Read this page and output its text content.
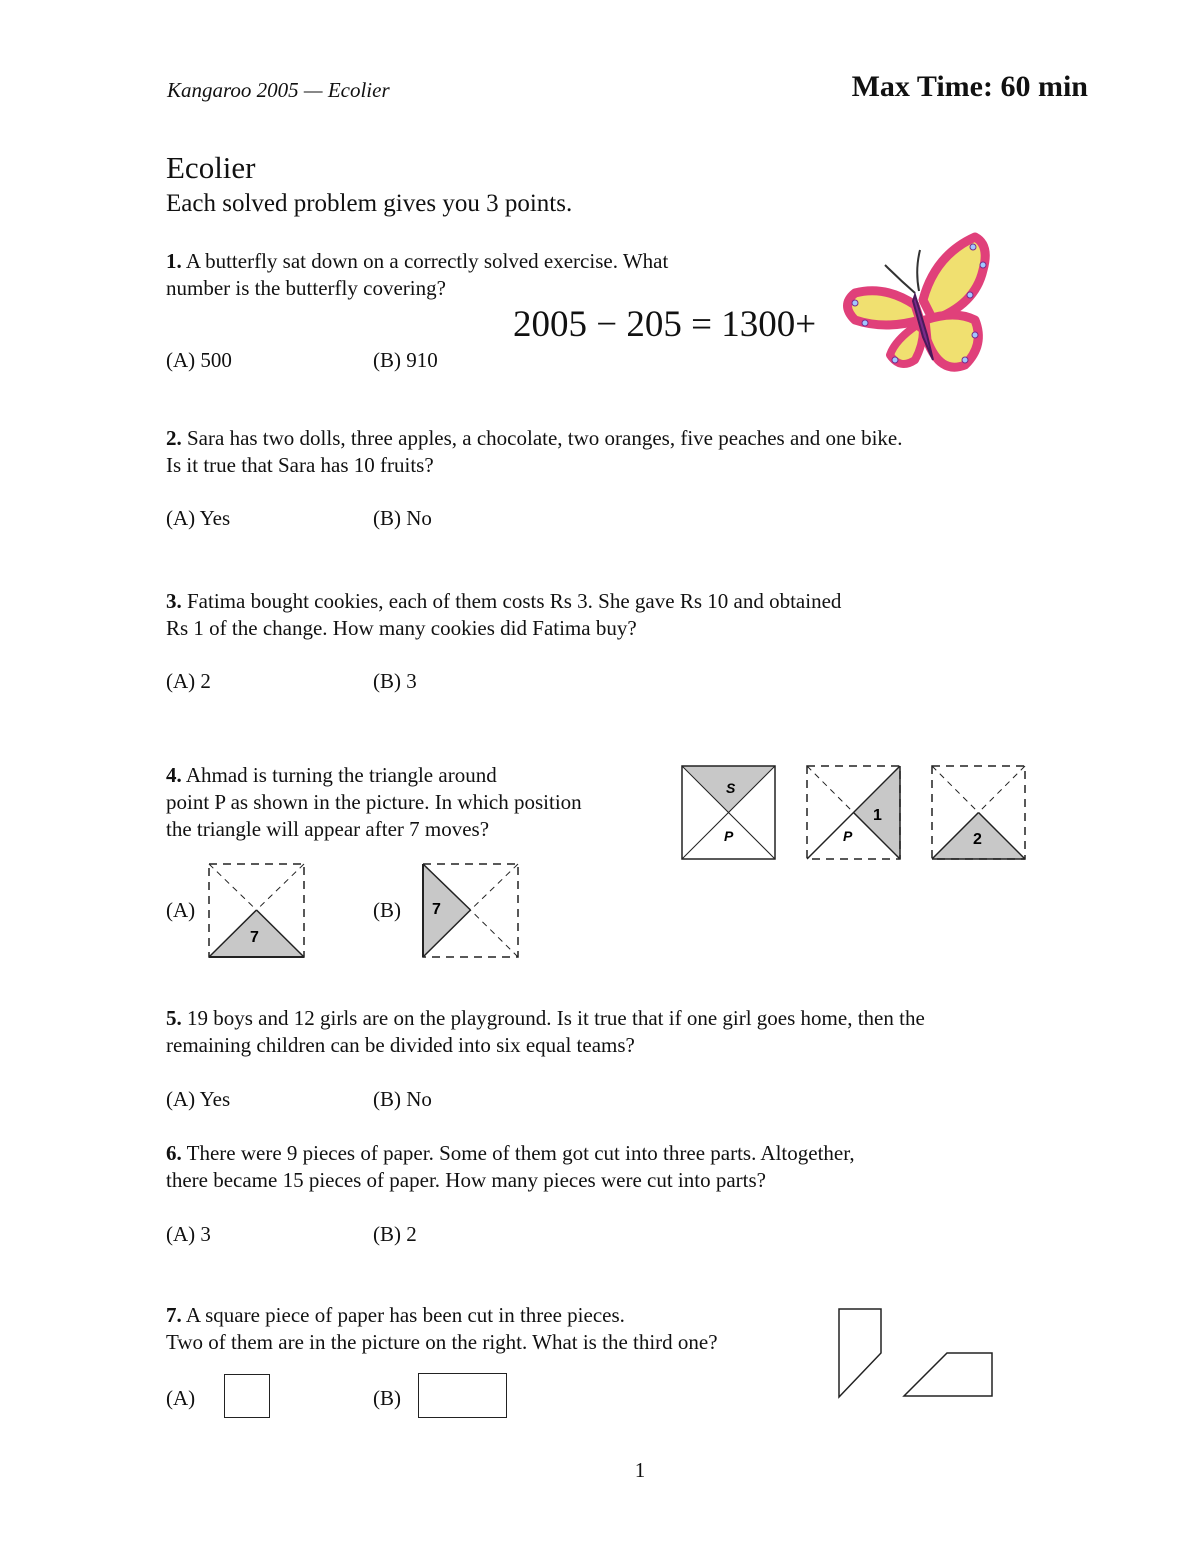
Kangaroo 2005 — Ecolier	Max Time: 60 min
Ecolier
Each solved problem gives you 3 points.
1. A butterfly sat down on a correctly solved exercise. What
number is the butterfly covering?
2005 − 205 = 1300+
(A) 500	(B) 910
2. Sara has two dolls, three apples, a chocolate, two oranges, five peaches and one bike.
Is it true that Sara has 10 fruits?
(A) Yes	(B) No
3. Fatima bought cookies, each of them costs Rs 3. She gave Rs 10 and obtained
Rs 1 of the change. How many cookies did Fatima buy?
(A) 2	(B) 3
4. Ahmad is turning the triangle around
point P as shown in the picture. In which position
the triangle will appear after 7 moves?
S
P
1
P	2
(A)
7
(B) 7
5. 19 boys and 12 girls are on the playground. Is it true that if one girl goes home, then the
remaining children can be divided into six equal teams?
(A) Yes	(B) No
6. There were 9 pieces of paper. Some of them got cut into three parts. Altogether,
there became 15 pieces of paper. How many pieces were cut into parts?
(A) 3	(B) 2
7. A square piece of paper has been cut in three pieces.
Two of them are in the picture on the right. What is the third one?
(A)	(B)
1
